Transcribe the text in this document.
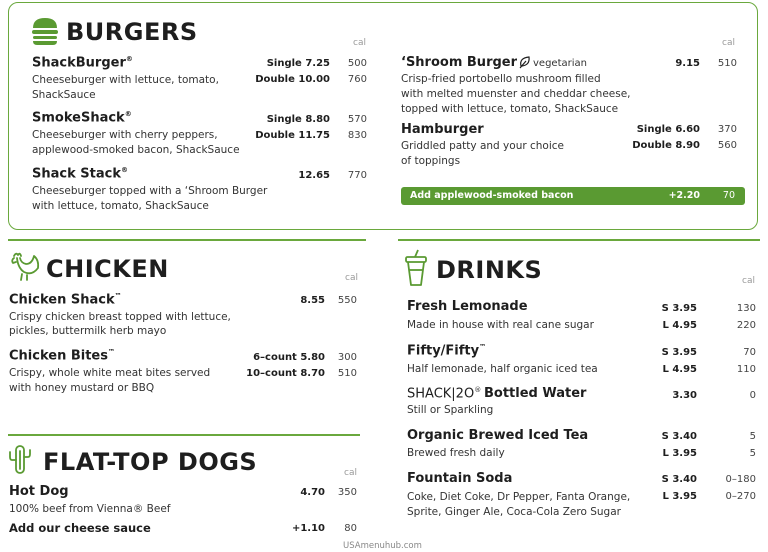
BURGERS	cal	cal
ShackBurger®
Cheeseburger with lettuce, tomato,
ShackSauce
Single 7.25 500
Double 10.00 760
SmokeShack®
Cheeseburger with cherry peppers,
applewood-smoked bacon, ShackSauce
Single 8.80 570
Double 11.75 830
Shack Stack®
Cheeseburger topped with a ‘Shroom Burger
with lettuce, tomato, ShackSauce
12.65 770
‘Shroom Burger vegetarian
Crisp-fried portobello mushroom filled
with melted muenster and cheddar cheese,
topped with lettuce, tomato, ShackSauce
9.15 510
Hamburger
Griddled patty and your choice
of toppings
Single 6.60 370
Double 8.90 560
Add applewood-smoked bacon	+2.20 70
CHICKEN	cal
Chicken Shack™
Crispy chicken breast topped with lettuce,
pickles, buttermilk herb mayo
8.55 550
Chicken Bites™
Crispy, whole white meat bites served
with honey mustard or BBQ
6–count 5.80 300
10–count 8.70 510
FLAT-TOP DOGS	cal
Hot Dog
100% beef from Vienna® Beef
4.70 350
Add our cheese sauce	+1.10 80
DRINKS	cal
Fresh Lemonade
Made in house with real cane sugar
S 3.95	130
L 4.95	220
Fifty/Fifty™
Half lemonade, half organic iced tea
S 3.95	70
L 4.95	110
SHACK|2O® Bottled Water
Still or Sparkling
3.30	0
Organic Brewed Iced Tea
Brewed fresh daily
S 3.40	5
L 3.95	5
Fountain Soda
Coke, Diet Coke, Dr Pepper, Fanta Orange,
Sprite, Ginger Ale, Coca-Cola Zero Sugar
S 3.40	0–180
L 3.95	0–270
USAmenuhub.com
